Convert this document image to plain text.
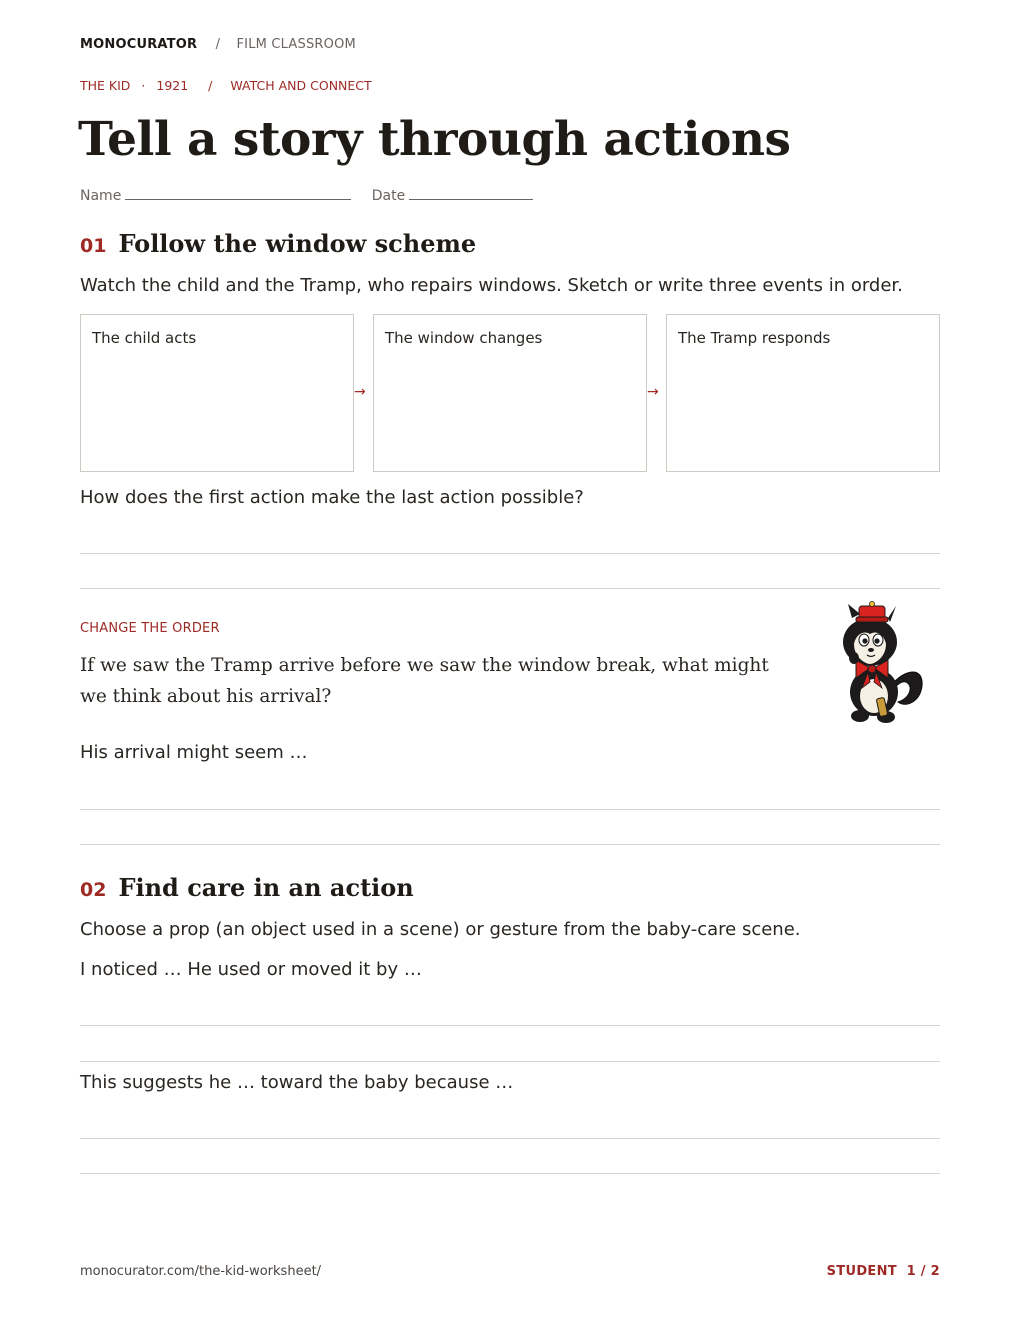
MONOCURATOR / FILM CLASSROOM
THE KID · 1921 / WATCH AND CONNECT
Tell a story through actions
Name	Date
01 Follow the window scheme
Watch the child and the Tramp, who repairs windows. Sketch or write three events in order.
The child acts
→
The window changes
→
The Tramp responds
How does the first action make the last action possible?
CHANGE THE ORDER
If we saw the Tramp arrive before we saw the window break, what might we think about his arrival?
His arrival might seem …
02 Find care in an action
Choose a prop (an object used in a scene) or gesture from the baby-care scene.
I noticed … He used or moved it by …
This suggests he … toward the baby because …
monocurator.com/the-kid-worksheet/	STUDENT 1 / 2
